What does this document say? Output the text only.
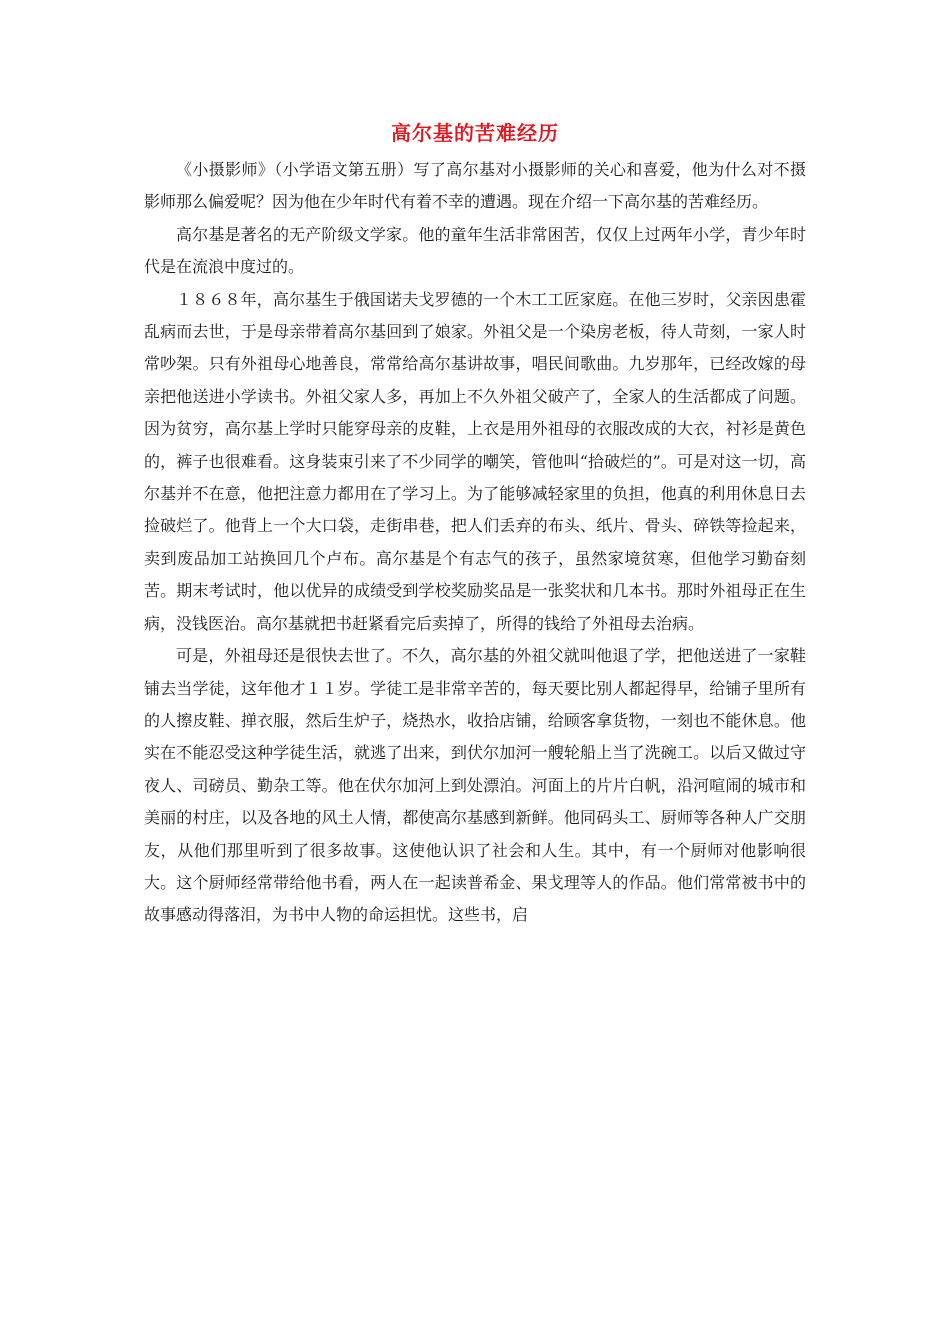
高尔基的苦难经历

《小摄影师》（小学语文第五册）写了高尔基对小摄影师的关心和喜爱，他为什么对不摄影师那么偏爱呢？因为他在少年时代有着不幸的遭遇。现在介绍一下高尔基的苦难经历。

高尔基是著名的无产阶级文学家。他的童年生活非常困苦，仅仅上过两年小学，青少年时代是在流浪中度过的。

１８６８年，高尔基生于俄国诺夫戈罗德的一个木工工匠家庭。在他三岁时，父亲因患霍乱病而去世，于是母亲带着高尔基回到了娘家。外祖父是一个染房老板，待人苛刻，一家人时常吵架。只有外祖母心地善良，常常给高尔基讲故事，唱民间歌曲。九岁那年，已经改嫁的母亲把他送进小学读书。外祖父家人多，再加上不久外祖父破产了，全家人的生活都成了问题。因为贫穷，高尔基上学时只能穿母亲的皮鞋，上衣是用外祖母的衣服改成的大衣，衬衫是黄色的，裤子也很难看。这身装束引来了不少同学的嘲笑，管他叫“拾破烂的”。可是对这一切，高尔基并不在意，他把注意力都用在了学习上。为了能够减轻家里的负担，他真的利用休息日去捡破烂了。他背上一个大口袋，走街串巷，把人们丢弃的布头、纸片、骨头、碎铁等捡起来，卖到废品加工站换回几个卢布。高尔基是个有志气的孩子，虽然家境贫寒，但他学习勤奋刻苦。期末考试时，他以优异的成绩受到学校奖励奖品是一张奖状和几本书。那时外祖母正在生病，没钱医治。高尔基就把书赶紧看完后卖掉了，所得的钱给了外祖母去治病。

可是，外祖母还是很快去世了。不久，高尔基的外祖父就叫他退了学，把他送进了一家鞋铺去当学徒，这年他才１１岁。学徒工是非常辛苦的，每天要比别人都起得早，给铺子里所有的人擦皮鞋、掸衣服，然后生炉子，烧热水，收拾店铺，给顾客拿货物，一刻也不能休息。他实在不能忍受这种学徒生活，就逃了出来，到伏尔加河一艘轮船上当了洗碗工。以后又做过守夜人、司磅员、勤杂工等。他在伏尔加河上到处漂泊。河面上的片片白帆，沿河喧闹的城市和美丽的村庄，以及各地的风土人情，都使高尔基感到新鲜。他同码头工、厨师等各种人广交朋友，从他们那里听到了很多故事。这使他认识了社会和人生。其中，有一个厨师对他影响很大。这个厨师经常带给他书看，两人在一起读普希金、果戈理等人的作品。他们常常被书中的故事感动得落泪，为书中人物的命运担忧。这些书，启
